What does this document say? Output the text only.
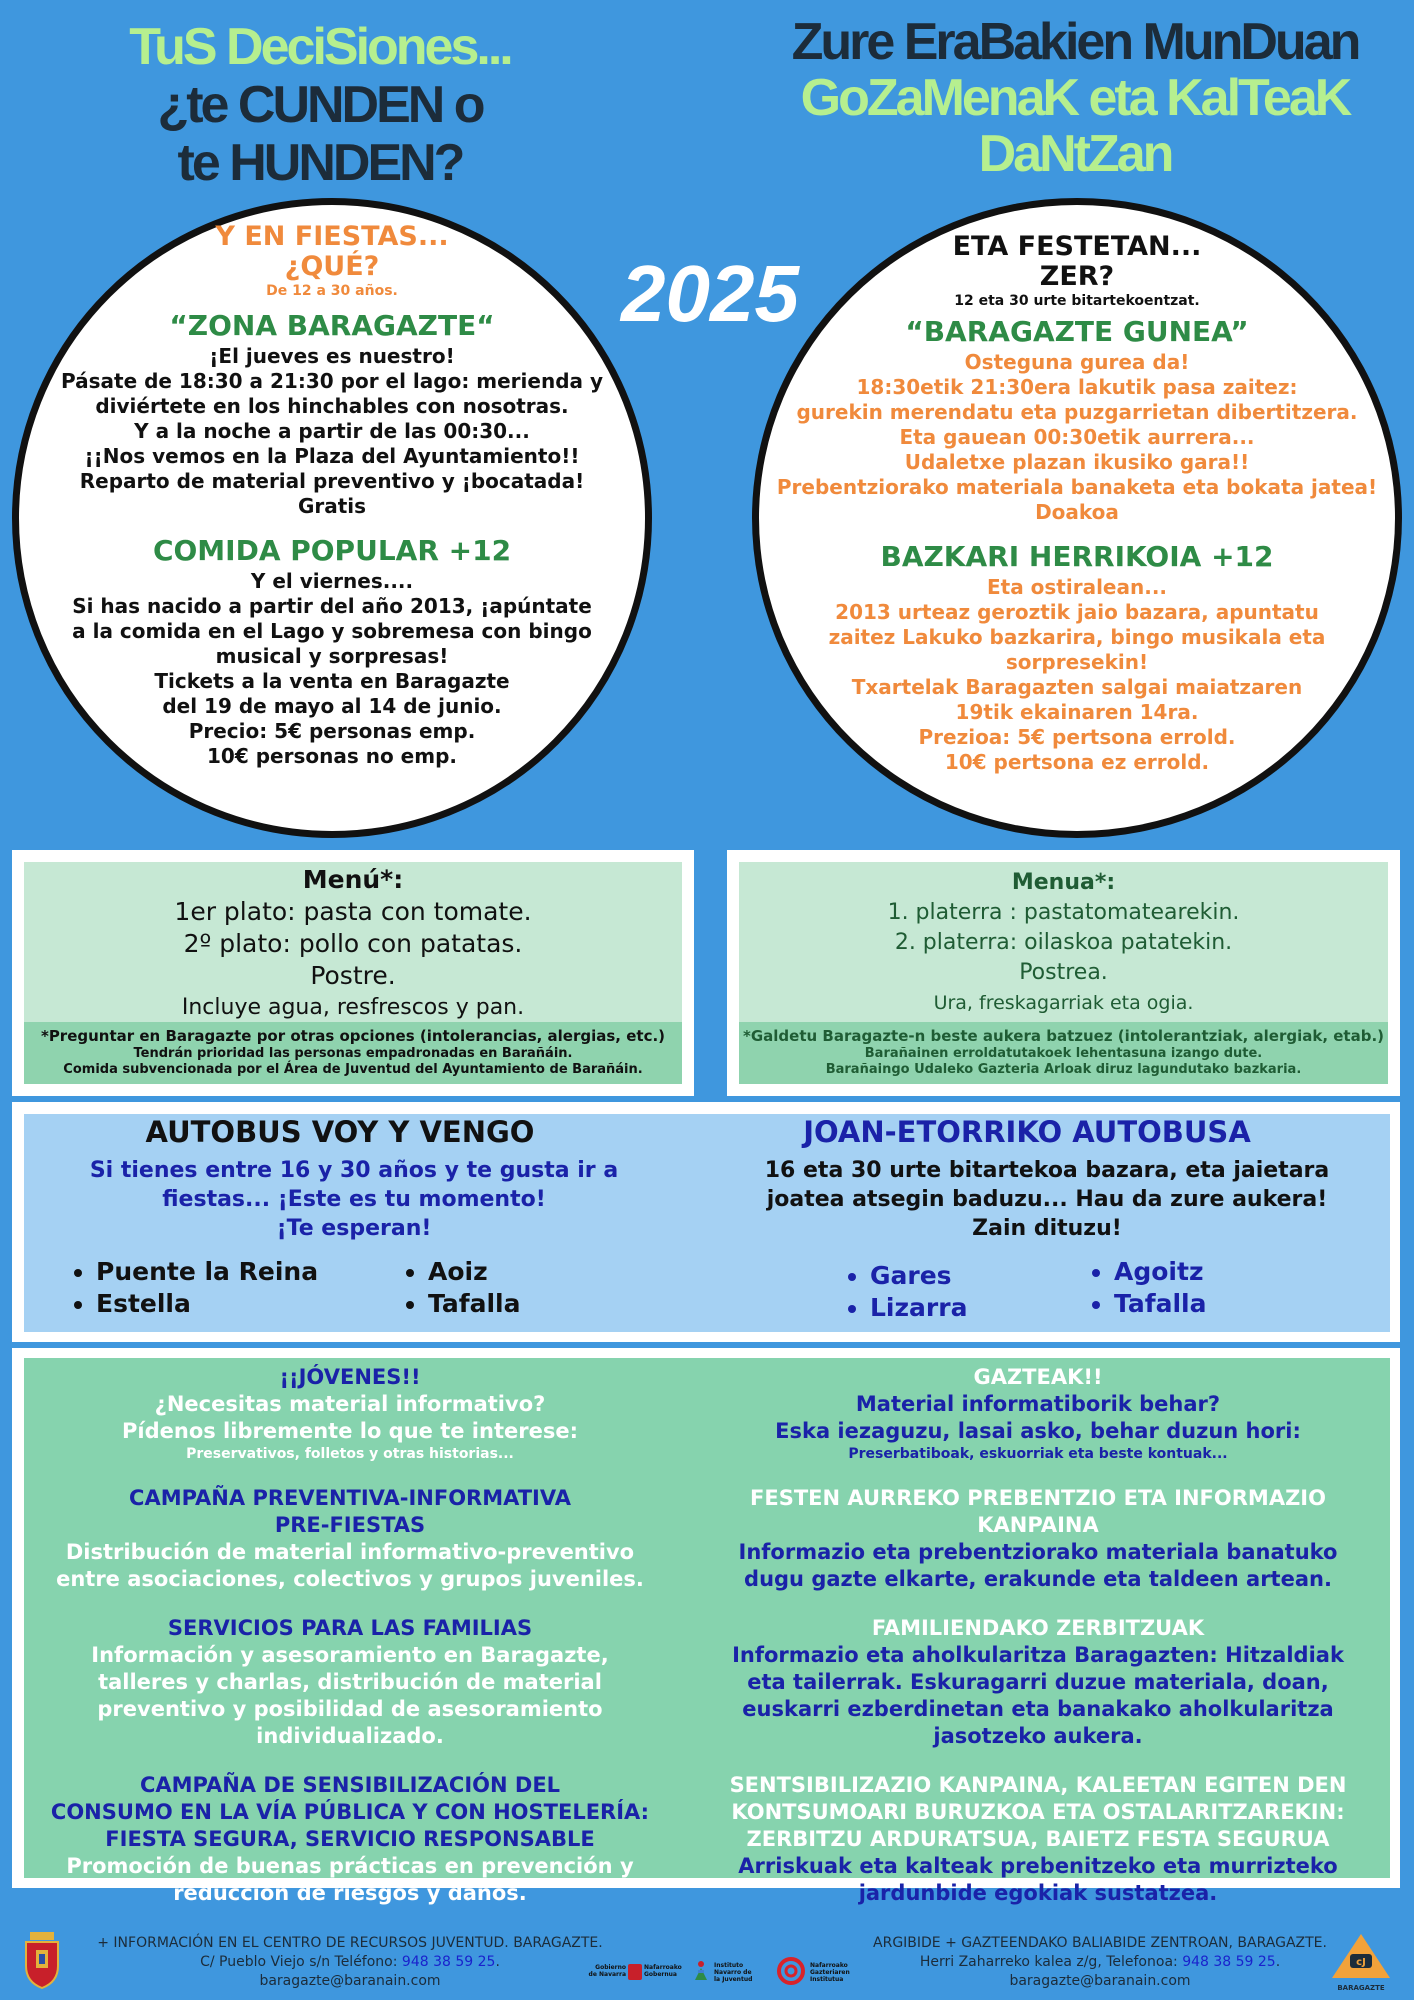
TuS DeciSiones...
¿te CUNDEN o
te HUNDEN?
Zure EraBakien MunDuan
GoZaMenaK eta KalTeaK
DaNtZan
2025
Y EN FIESTAS...
¿QUÉ?
De 12 a 30 años.
“ZONA BARAGAZTE“
¡El jueves es nuestro!
Pásate de 18:30 a 21:30 por el lago: merienda y
diviértete en los hinchables con nosotras.
Y a la noche a partir de las 00:30...
¡¡Nos vemos en la Plaza del Ayuntamiento!!
Reparto de material preventivo y ¡bocatada!
Gratis
COMIDA POPULAR +12
Y el viernes....
Si has nacido a partir del año 2013, ¡apúntate
a la comida en el Lago y sobremesa con bingo
musical y sorpresas!
Tickets a la venta en Baragazte
del 19 de mayo al 14 de junio.
Precio: 5€ personas emp.
10€ personas no emp.
ETA FESTETAN...
ZER?
12 eta 30 urte bitartekoentzat.
“BARAGAZTE GUNEA”
Osteguna gurea da!
18:30etik 21:30era lakutik pasa zaitez:
gurekin merendatu eta puzgarrietan dibertitzera.
Eta gauean 00:30etik aurrera...
Udaletxe plazan ikusiko gara!!
Prebentziorako materiala banaketa eta bokata jatea!
Doakoa
BAZKARI HERRIKOIA +12
Eta ostiralean...
2013 urteaz geroztik jaio bazara, apuntatu
zaitez Lakuko bazkarira, bingo musikala eta
sorpresekin!
Txartelak Baragazten salgai maiatzaren
19tik ekainaren 14ra.
Prezioa: 5€ pertsona errold.
10€ pertsona ez errold.
Menú*:
1er plato: pasta con tomate.
2º plato: pollo con patatas.
Postre.
Incluye agua, resfrescos y pan.
*Preguntar en Baragazte por otras opciones (intolerancias, alergias, etc.)
Tendrán prioridad las personas empadronadas en Barañáin.
Comida subvencionada por el Área de Juventud del Ayuntamiento de Barañáin.
Menua*:
1. platerra : pastatomatearekin.
2. platerra: oilaskoa patatekin.
Postrea.
Ura, freskagarriak eta ogia.
*Galdetu Baragazte-n beste aukera batzuez (intolerantziak, alergiak, etab.)
Barañainen erroldatutakoek lehentasuna izango dute.
Barañaingo Udaleko Gazteria Arloak diruz lagundutako bazkaria.
AUTOBUS VOY Y VENGO
Si tienes entre 16 y 30 años y te gusta ir a
fiestas... ¡Este es tu momento!
¡Te esperan!
• Puente la Reina
• Estella
• Aoiz
• Tafalla
JOAN-ETORRIKO AUTOBUSA
16 eta 30 urte bitartekoa bazara, eta jaietara
joatea atsegin baduzu... Hau da zure aukera!
Zain dituzu!
• Gares
• Lizarra
• Agoitz
• Tafalla
¡¡JÓVENES!!
¿Necesitas material informativo?
Pídenos libremente lo que te interese:
Preservativos, folletos y otras historias...
CAMPAÑA PREVENTIVA-INFORMATIVA
PRE-FIESTAS
Distribución de material informativo-preventivo
entre asociaciones, colectivos y grupos juveniles.
SERVICIOS PARA LAS FAMILIAS
Información y asesoramiento en Baragazte,
talleres y charlas, distribución de material
preventivo y posibilidad de asesoramiento
individualizado.
CAMPAÑA DE SENSIBILIZACIÓN DEL
CONSUMO EN LA VÍA PÚBLICA Y CON HOSTELERÍA:
FIESTA SEGURA, SERVICIO RESPONSABLE
Promoción de buenas prácticas en prevención y
reducción de riesgos y daños.
GAZTEAK!!
Material informatiborik behar?
Eska iezaguzu, lasai asko, behar duzun hori:
Preserbatiboak, eskuorriak eta beste kontuak...
FESTEN AURREKO PREBENTZIO ETA INFORMAZIO
KANPAINA
Informazio eta prebentziorako materiala banatuko
dugu gazte elkarte, erakunde eta taldeen artean.
FAMILIENDAKO ZERBITZUAK
Informazio eta aholkularitza Baragazten: Hitzaldiak
eta tailerrak. Eskuragarri duzue materiala, doan,
euskarri ezberdinetan eta banakako aholkularitza
jasotzeko aukera.
SENTSIBILIZAZIO KANPAINA, KALEETAN EGITEN DEN
KONTSUMOARI BURUZKOA ETA OSTALARITZAREKIN:
ZERBITZU ARDURATSUA, BAIETZ FESTA SEGURUA
Arriskuak eta kalteak prebenitzeko eta murrizteko
jardunbide egokiak sustatzea.
+ INFORMACIÓN EN EL CENTRO DE RECURSOS JUVENTUD. BARAGAZTE.
C/ Pueblo Viejo s/n Teléfono: 948 38 59 25.
baragazte@baranain.com
Gobierno
de Navarra
Nafarroako
Gobernua
Instituto
Navarro de
la Juventud
Nafarroako
Gazteriaren
Institutua
ARGIBIDE + GAZTEENDAKO BALIABIDE ZENTROAN, BARAGAZTE.
Herri Zaharreko kalea z/g, Telefonoa: 948 38 59 25.
baragazte@baranain.com
cJ
BARAGAZTE
